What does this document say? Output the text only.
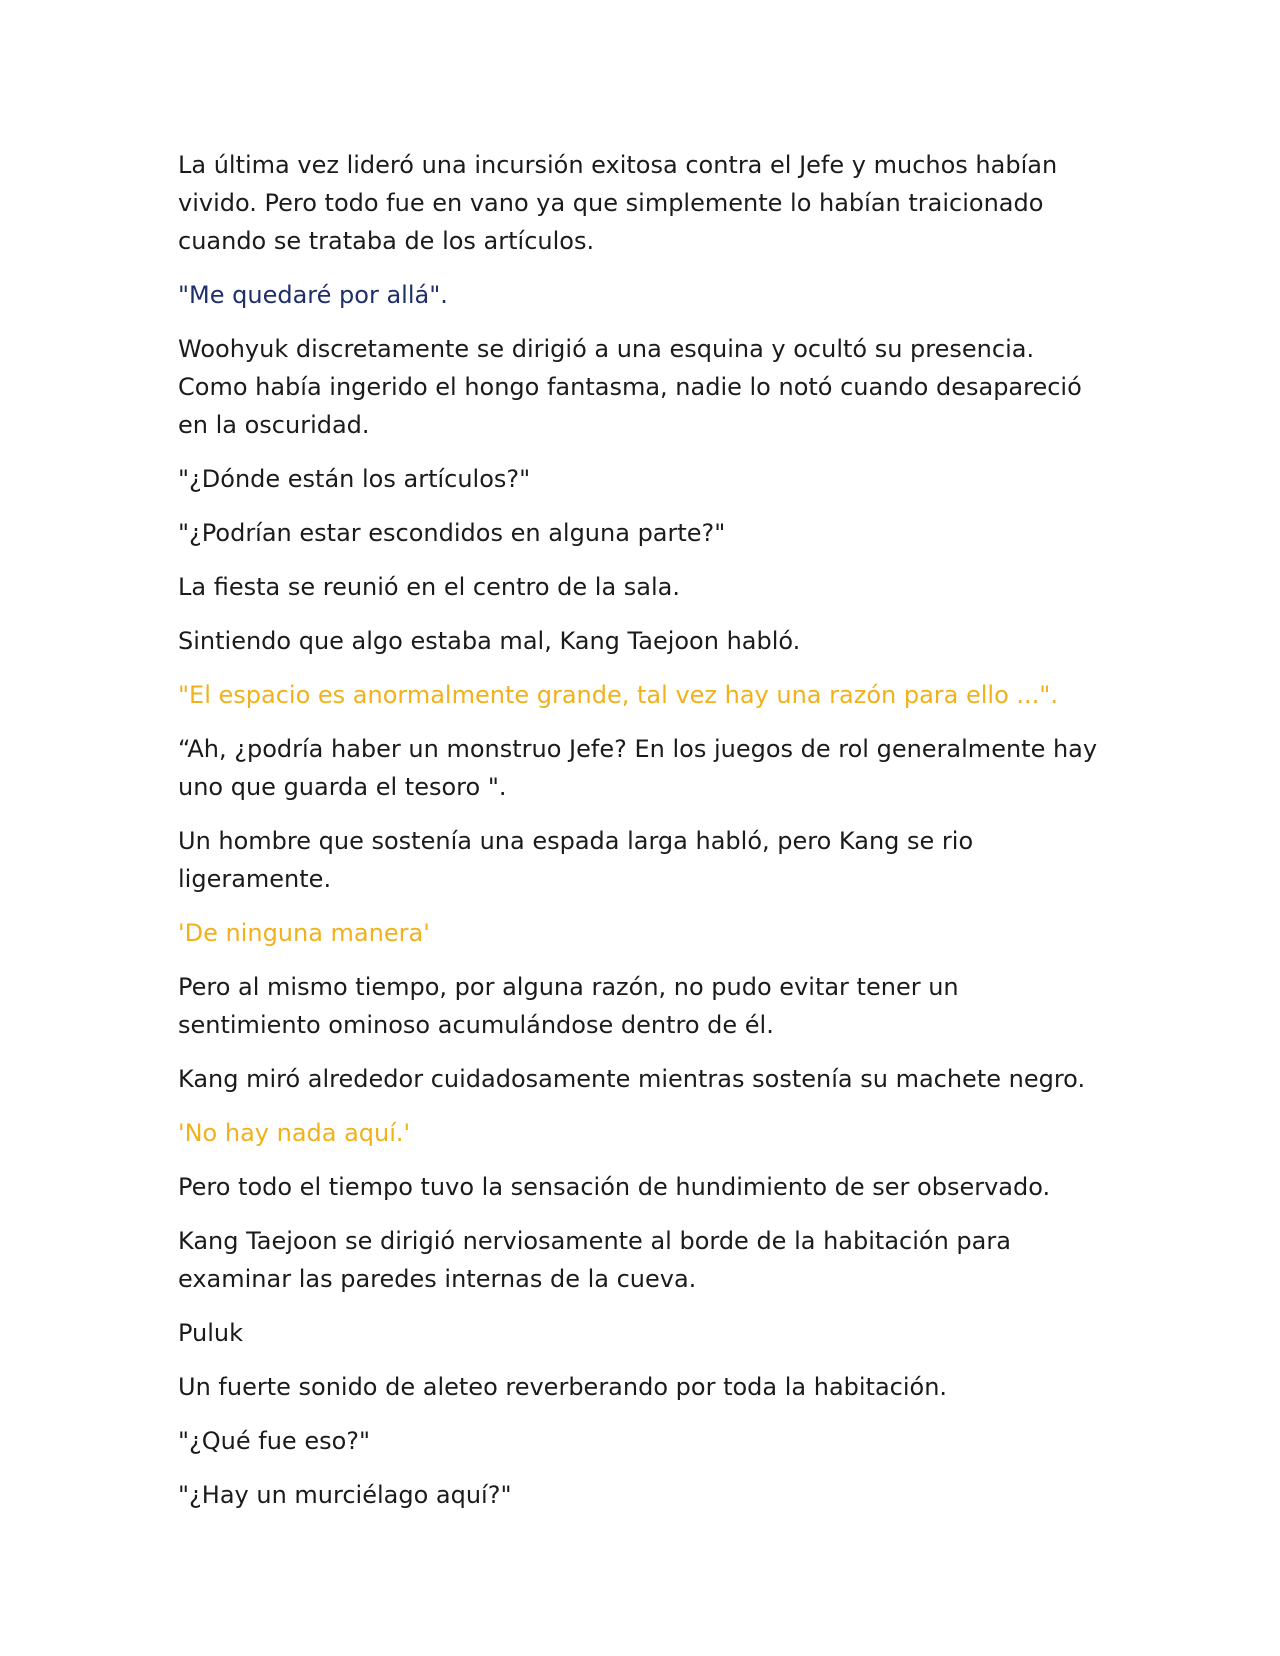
La última vez lideró una incursión exitosa contra el Jefe y muchos habían vivido. Pero todo fue en vano ya que simplemente lo habían traicionado cuando se trataba de los artículos.

"Me quedaré por allá".

Woohyuk discretamente se dirigió a una esquina y ocultó su presencia. Como había ingerido el hongo fantasma, nadie lo notó cuando desapareció en la oscuridad.

"¿Dónde están los artículos?"

"¿Podrían estar escondidos en alguna parte?"

La fiesta se reunió en el centro de la sala.

Sintiendo que algo estaba mal, Kang Taejoon habló.

"El espacio es anormalmente grande, tal vez hay una razón para ello ...".

“Ah, ¿podría haber un monstruo Jefe? En los juegos de rol generalmente hay uno que guarda el tesoro ".

Un hombre que sostenía una espada larga habló, pero Kang se rio ligeramente.

'De ninguna manera'

Pero al mismo tiempo, por alguna razón, no pudo evitar tener un sentimiento ominoso acumulándose dentro de él.

Kang miró alrededor cuidadosamente mientras sostenía su machete negro.

'No hay nada aquí.'

Pero todo el tiempo tuvo la sensación de hundimiento de ser observado.

Kang Taejoon se dirigió nerviosamente al borde de la habitación para examinar las paredes internas de la cueva.

Puluk

Un fuerte sonido de aleteo reverberando por toda la habitación.

"¿Qué fue eso?"

"¿Hay un murciélago aquí?"
